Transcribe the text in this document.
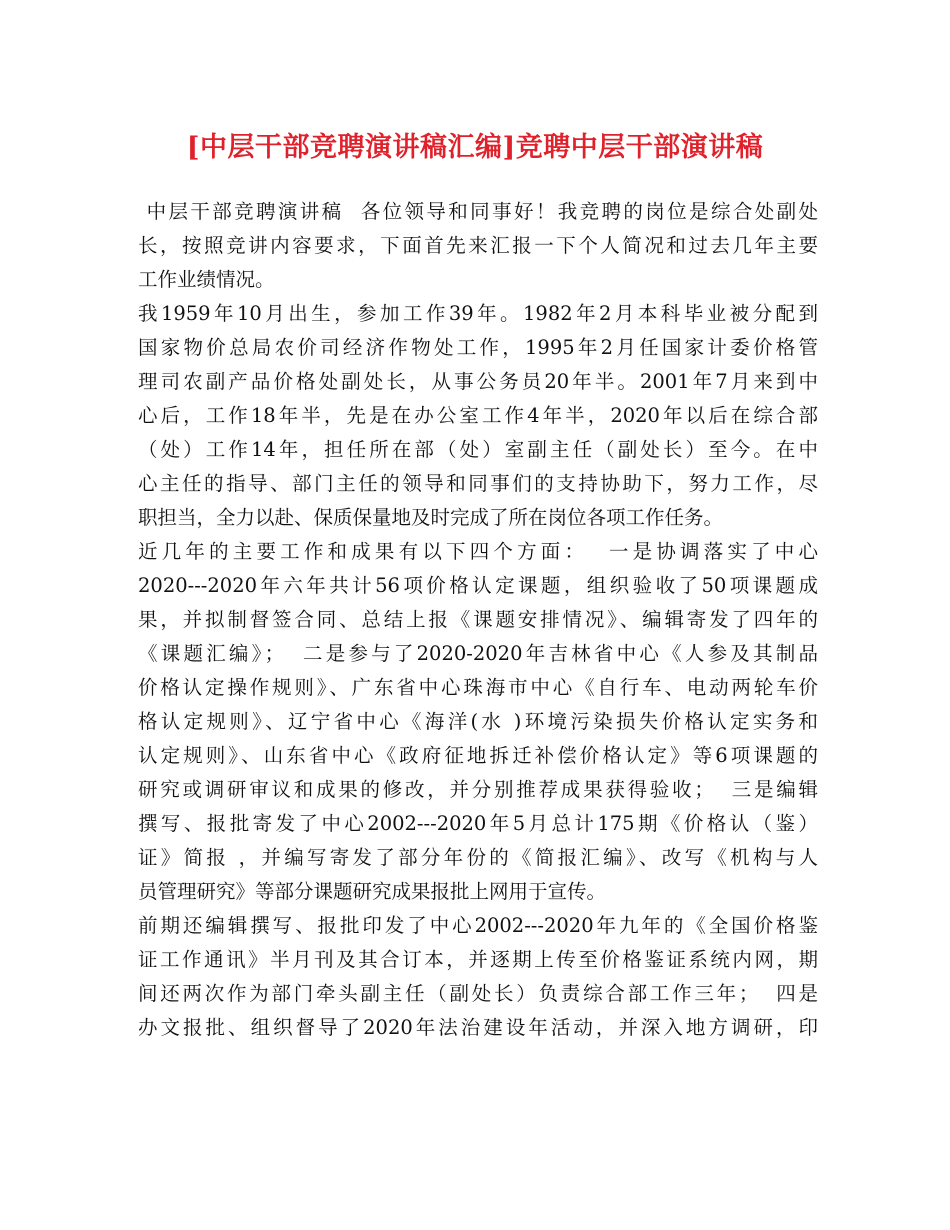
[中层干部竞聘演讲稿汇编]竞聘中层干部演讲稿
中层干部竞聘演讲稿  各位领导和同事好！我竞聘的岗位是综合处副处
长，按照竞讲内容要求，下面首先来汇报一下个人简况和过去几年主要
工作业绩情况。
我1959年10月出生，参加工作39年。1982年2月本科毕业被分配到
国家物价总局农价司经济作物处工作，1995年2月任国家计委价格管
理司农副产品价格处副处长，从事公务员20年半。2001年7月来到中
心后，工作18年半，先是在办公室工作4年半，2020年以后在综合部
（处）工作14年，担任所在部（处）室副主任（副处长）至今。在中
心主任的指导、部门主任的领导和同事们的支持协助下，努力工作，尽
职担当，全力以赴、保质保量地及时完成了所在岗位各项工作任务。
近几年的主要工作和成果有以下四个方面：  一是协调落实了中心
2020---2020年六年共计56项价格认定课题，组织验收了50项课题成
果，并拟制督签合同、总结上报《课题安排情况》、编辑寄发了四年的
《课题汇编》；  二是参与了2020-2020年吉林省中心《人参及其制品
价格认定操作规则》、广东省中心珠海市中心《自行车、电动两轮车价
格认定规则》、辽宁省中心《海洋(水 )环境污染损失价格认定实务和
认定规则》、山东省中心《政府征地拆迁补偿价格认定》等6项课题的
研究或调研审议和成果的修改，并分别推荐成果获得验收；  三是编辑
撰写、报批寄发了中心2002---2020年5月总计175期《价格认（鉴）
证》简报 ，并编写寄发了部分年份的《简报汇编》、改写《机构与人
员管理研究》等部分课题研究成果报批上网用于宣传。
前期还编辑撰写、报批印发了中心2002---2020年九年的《全国价格鉴
证工作通讯》半月刊及其合订本，并逐期上传至价格鉴证系统内网，期
间还两次作为部门牵头副主任（副处长）负责综合部工作三年；  四是
办文报批、组织督导了2020年法治建设年活动，并深入地方调研，印
